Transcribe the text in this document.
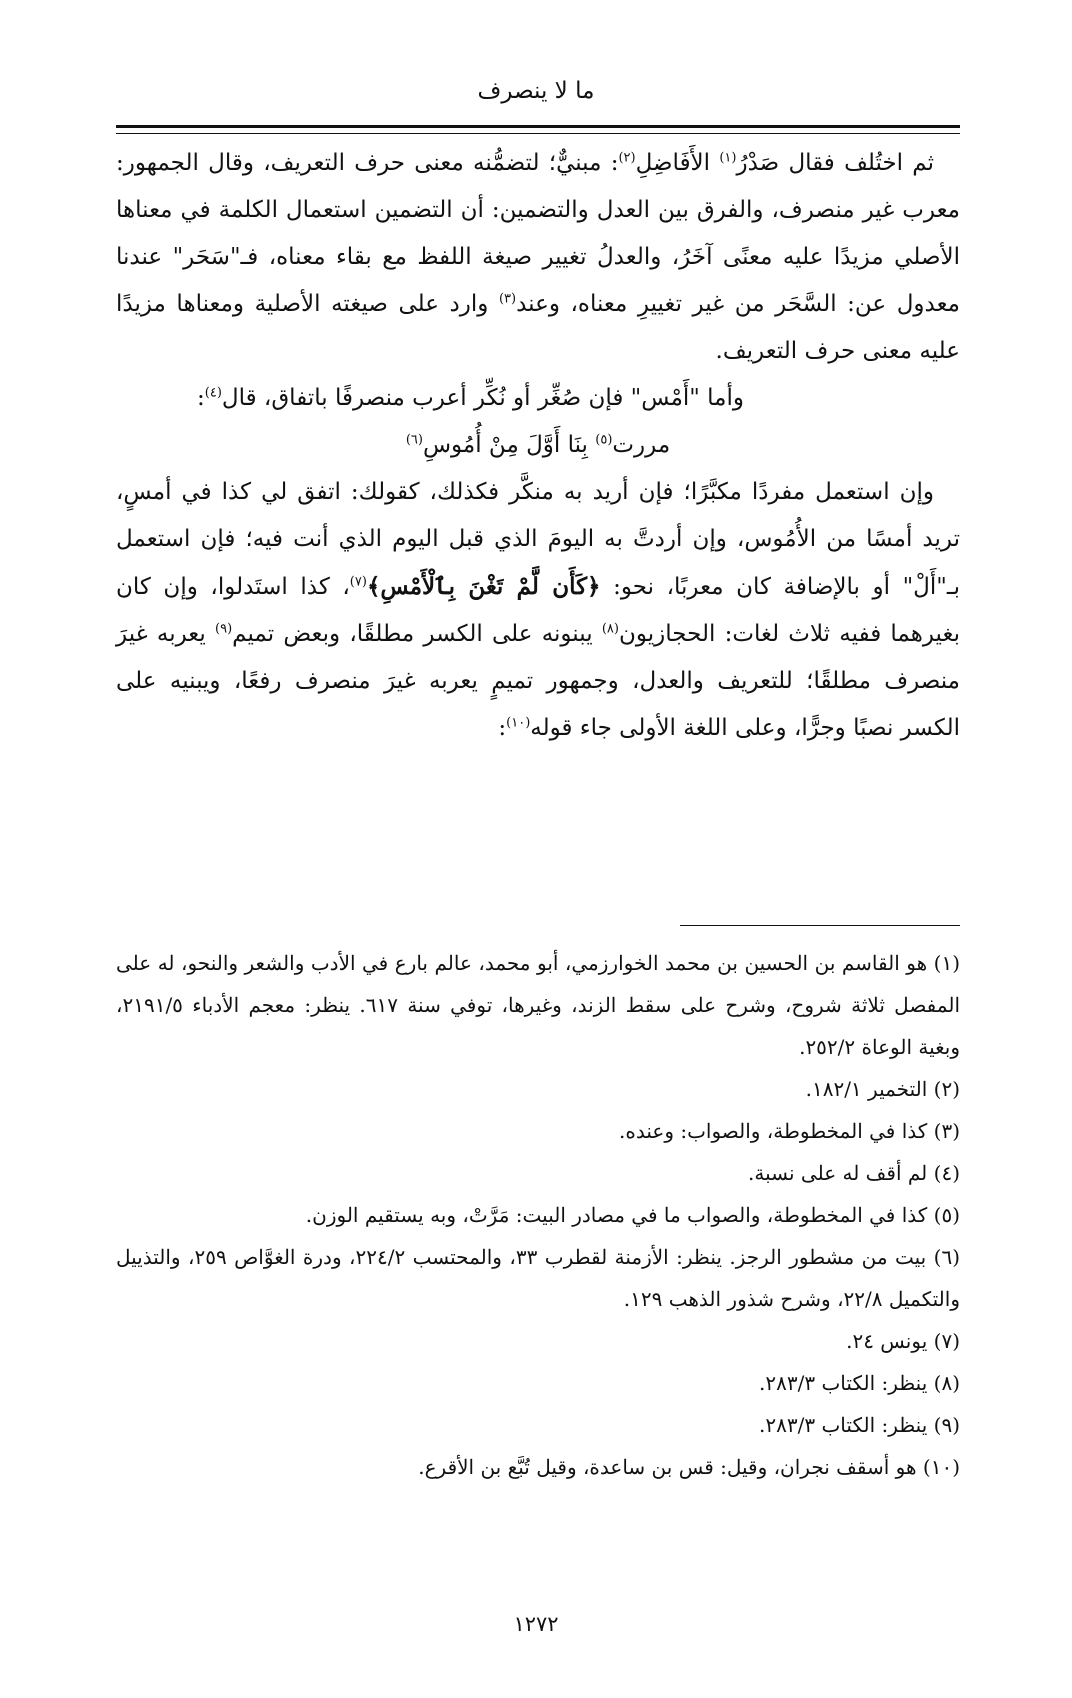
ما لا ينصرف

ثم اختُلف فقال صَدْرُ$^{(١)}$ الأَفَاضِلِ$^{(٢)}$: مبنيٌّ؛ لتضمُّنه معنى حرف التعريف، وقال الجمهور: معرب غير منصرف، والفرق بين العدل والتضمين: أن التضمين استعمال الكلمة في معناها الأصلي مزيدًا عليه معنًى آخَرُ، والعدلُ تغيير صيغة اللفظ مع بقاء معناه، فـ"سَحَر" عندنا معدول عن: السَّحَر من غير تغييرِ معناه، وعند$^{(٣)}$ وارد على صيغته الأصلية ومعناها مزيدًا عليه معنى حرف التعريف.

وأما "أَمْس" فإن صُغِّر أو نُكِّر أعرب منصرفًا باتفاق، قال$^{(٤)}$:

مررت$^{(٥)}$ بِنَا أَوَّلَ مِنْ أُمُوسِ$^{(٦)}$

وإن استعمل مفردًا مكبَّرًا؛ فإن أريد به منكَّر فكذلك، كقولك: اتفق لي كذا في أمسٍ، تريد أمسًا من الأُمُوس، وإن أردتَّ به اليومَ الذي قبل اليوم الذي أنت فيه؛ فإن استعمل بـ"أَلْ" أو بالإضافة كان معربًا، نحو: ﴿كَأَن لَّمْ تَغْنَ بِٱلْأَمْسِ﴾$^{(٧)}$، كذا استَدلوا، وإن كان بغيرهما ففيه ثلاث لغات: الحجازيون$^{(٨)}$ يبنونه على الكسر مطلقًا، وبعض تميم$^{(٩)}$ يعربه غيرَ منصرف مطلقًا؛ للتعريف والعدل، وجمهور تميمٍ يعربه غيرَ منصرف رفعًا، ويبنيه على الكسر نصبًا وجرًّا، وعلى اللغة الأولى جاء قوله$^{(١٠)}$:

(١) هو القاسم بن الحسين بن محمد الخوارزمي، أبو محمد، عالم بارع في الأدب والشعر والنحو، له على المفصل ثلاثة شروح، وشرح على سقط الزند، وغيرها، توفي سنة ٦١٧. ينظر: معجم الأدباء ٢١٩١/٥، وبغية الوعاة ٢٥٢/٢.

(٢) التخمير ١٨٢/١.

(٣) كذا في المخطوطة، والصواب: وعنده.

(٤) لم أقف له على نسبة.

(٥) كذا في المخطوطة، والصواب ما في مصادر البيت: مَرَّتْ، وبه يستقيم الوزن.

(٦) بيت من مشطور الرجز. ينظر: الأزمنة لقطرب ٣٣، والمحتسب ٢٢٤/٢، ودرة الغوَّاص ٢٥٩، والتذييل والتكميل ٢٢/٨، وشرح شذور الذهب ١٢٩.

(٧) يونس ٢٤.

(٨) ينظر: الكتاب ٢٨٣/٣.

(٩) ينظر: الكتاب ٢٨٣/٣.

(١٠) هو أسقف نجران، وقيل: قس بن ساعدة، وقيل تُبَّع بن الأقرع.

١٢٧٢
